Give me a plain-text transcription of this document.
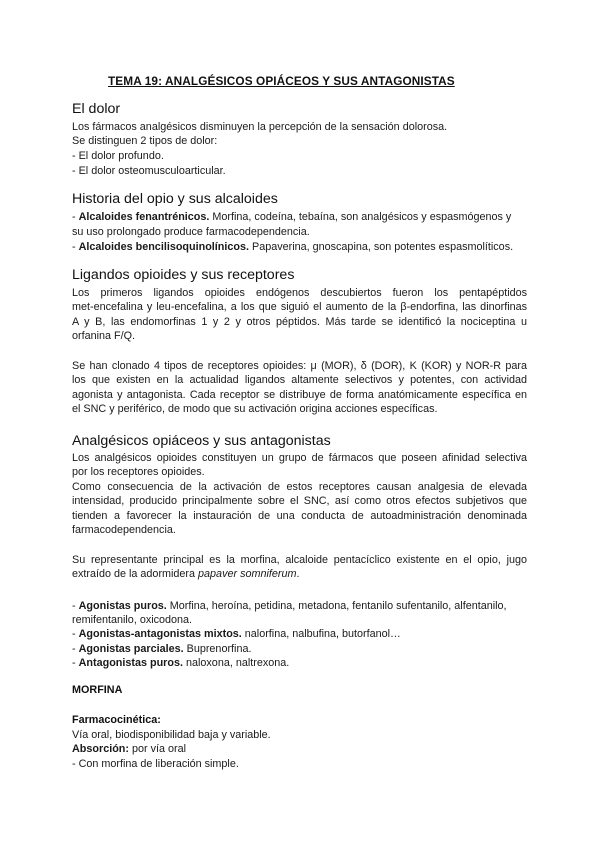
TEMA 19: ANALGÉSICOS OPIÁCEOS Y SUS ANTAGONISTAS
El dolor
Los fármacos analgésicos disminuyen la percepción de la sensación dolorosa.
Se distinguen 2 tipos de dolor:
- El dolor profundo.
- El dolor osteomusculoarticular.
Historia del opio y sus alcaloides
- Alcaloides fenantrénicos. Morfina, codeína, tebaína, son analgésicos y espasmógenos y
su uso prolongado produce farmacodependencia.
- Alcaloides bencilisoquinolínicos. Papaverina, gnoscapina, son potentes espasmolíticos.
Ligandos opioides y sus receptores
Los primeros ligandos opioides endógenos descubiertos fueron los pentapéptidos
met-encefalina y leu-encefalina, a los que siguió el aumento de la β-endorfina, las dinorfinas
A y B, las endomorfinas 1 y 2 y otros péptidos. Más tarde se identificó la nociceptina u
orfanina F/Q.
Se han clonado 4 tipos de receptores opioides: μ (MOR), δ (DOR), Κ (KOR) y NOR-R para
los que existen en la actualidad ligandos altamente selectivos y potentes, con actividad
agonista y antagonista. Cada receptor se distribuye de forma anatómicamente específica en
el SNC y periférico, de modo que su activación origina acciones específicas.
Analgésicos opiáceos y sus antagonistas
Los analgésicos opioides constituyen un grupo de fármacos que poseen afinidad selectiva
por los receptores opioides.
Como consecuencia de la activación de estos receptores causan analgesia de elevada
intensidad, producido principalmente sobre el SNC, así como otros efectos subjetivos que
tienden a favorecer la instauración de una conducta de autoadministración denominada
farmacodependencia.
Su representante principal es la morfina, alcaloide pentacíclico existente en el opio, jugo
extraído de la adormidera papaver somniferum.
- Agonistas puros. Morfina, heroína, petidina, metadona, fentanilo sufentanilo, alfentanilo,
remifentanilo, oxicodona.
- Agonistas-antagonistas mixtos. nalorfina, nalbufina, butorfanol…
- Agonistas parciales. Buprenorfina.
- Antagonistas puros. naloxona, naltrexona.
MORFINA
Farmacocinética:
Vía oral, biodisponibilidad baja y variable.
Absorción: por vía oral
- Con morfina de liberación simple.
